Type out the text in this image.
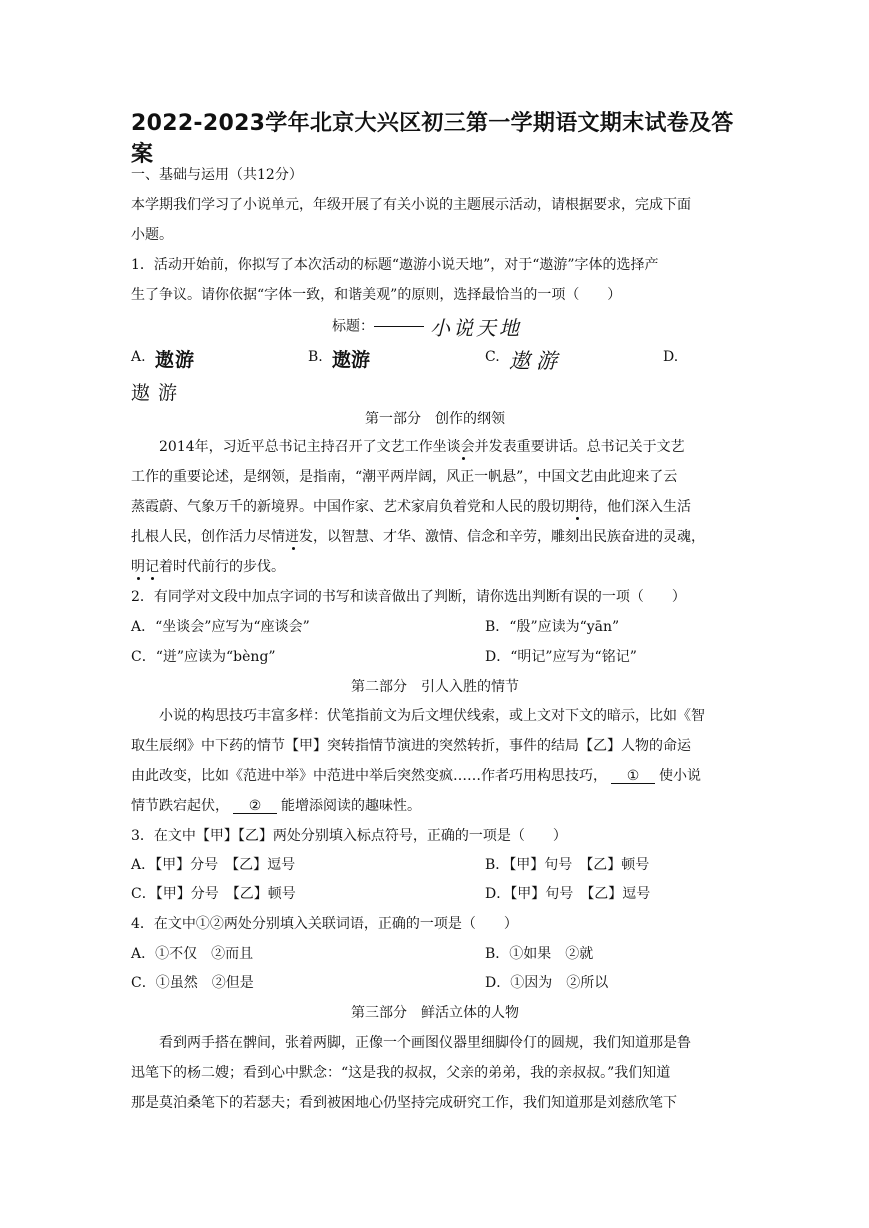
2022-2023学年北京大兴区初三第一学期语文期末试卷及答
案
一、基础与运用（共12分）
本学期我们学习了小说单元，年级开展了有关小说的主题展示活动，请根据要求，完成下面
小题。
1．活动开始前，你拟写了本次活动的标题“遨游小说天地”，对于“遨游”字体的选择产
生了争议。请你依据“字体一致，和谐美观”的原则，选择最恰当的一项（　　）
标题：	小说天地
A. 遨游	B. 遨游	C. 遨游	D.
遨游
第一部分　创作的纲领
2014年，习近平总书记主持召开了文艺工作坐谈会并发表重要讲话。总书记关于文艺
工作的重要论述，是纲领，是指南，“潮平两岸阔，风正一帆悬”，中国文艺由此迎来了云
蒸霞蔚、气象万千的新境界。中国作家、艺术家肩负着党和人民的殷切期待，他们深入生活
扎根人民，创作活力尽情迸发，以智慧、才华、激情、信念和辛劳，雕刻出民族奋进的灵魂，
明记着时代前行的步伐。
2．有同学对文段中加点字词的书写和读音做出了判断，请你选出判断有误的一项（　　）
A．“坐谈会”应写为“座谈会”	B．“殷”应读为“yān”
C．“迸”应读为“bèng”	D．“明记”应写为“铭记”
第二部分　引人入胜的情节
小说的构思技巧丰富多样：伏笔指前文为后文埋伏线索，或上文对下文的暗示，比如《智
取生辰纲》中下药的情节【甲】突转指情节演进的突然转折，事件的结局【乙】人物的命运
由此改变，比如《范进中举》中范进中举后突然变疯……作者巧用构思技巧， ① 使小说
情节跌宕起伏， ② 能增添阅读的趣味性。
3．在文中【甲】【乙】两处分别填入标点符号，正确的一项是（　　）
A．【甲】分号　【乙】逗号	B．【甲】句号　【乙】顿号
C．【甲】分号　【乙】顿号	D．【甲】句号　【乙】逗号
4．在文中①②两处分别填入关联词语，正确的一项是（　　）
A．①不仅　②而且	B．①如果　②就
C．①虽然　②但是	D．①因为　②所以
第三部分　鲜活立体的人物
看到两手搭在髀间，张着两脚，正像一个画图仪器里细脚伶仃的圆规，我们知道那是鲁
迅笔下的杨二嫂；看到心中默念：“这是我的叔叔，父亲的弟弟，我的亲叔叔。”我们知道
那是莫泊桑笔下的若瑟夫；看到被困地心仍坚持完成研究工作，我们知道那是刘慈欣笔下
